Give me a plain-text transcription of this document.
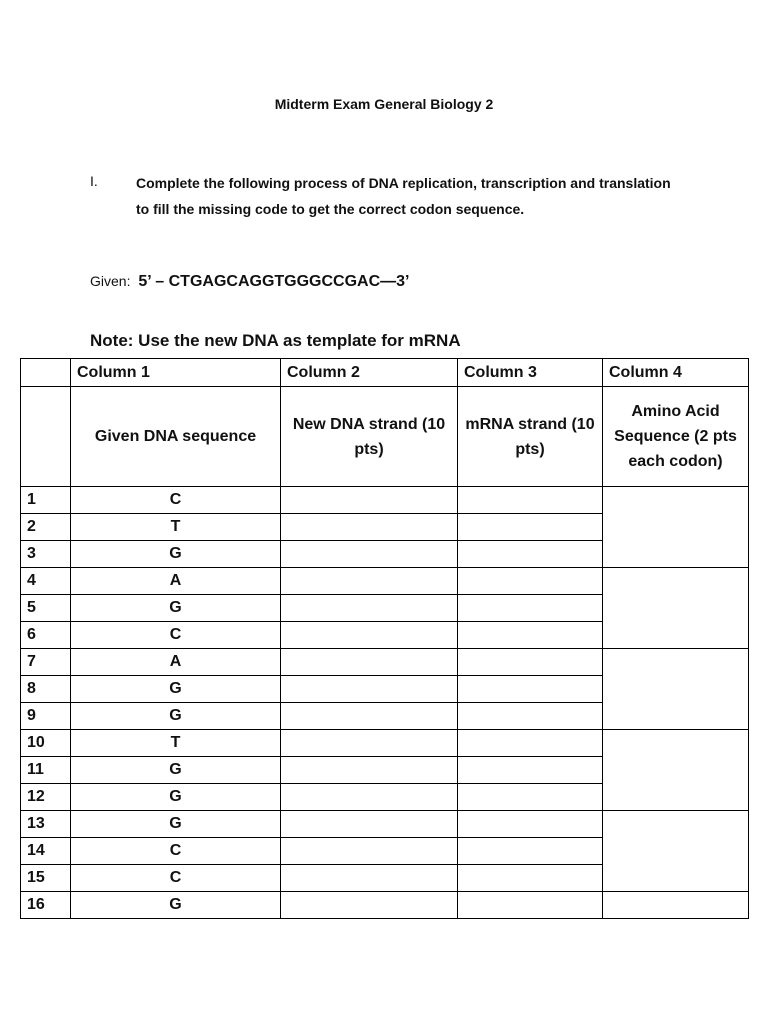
Midterm Exam General Biology 2
I.	Complete the following process of DNA replication, transcription and translation to fill the missing code to get the correct codon sequence.
Given: 5’ – CTGAGCAGGTGGGCCGAC—3’
Note: Use the new DNA as template for mRNA
	Column 1	Column 2	Column 3	Column 4
	Given DNA sequence	New DNA strand (10 pts)	mRNA strand (10 pts)	Amino Acid Sequence (2 pts each codon)
1	C			
2	T			
3	G			
4	A			
5	G			
6	C			
7	A			
8	G			
9	G			
10	T			
11	G			
12	G			
13	G			
14	C			
15	C			
16	G			
